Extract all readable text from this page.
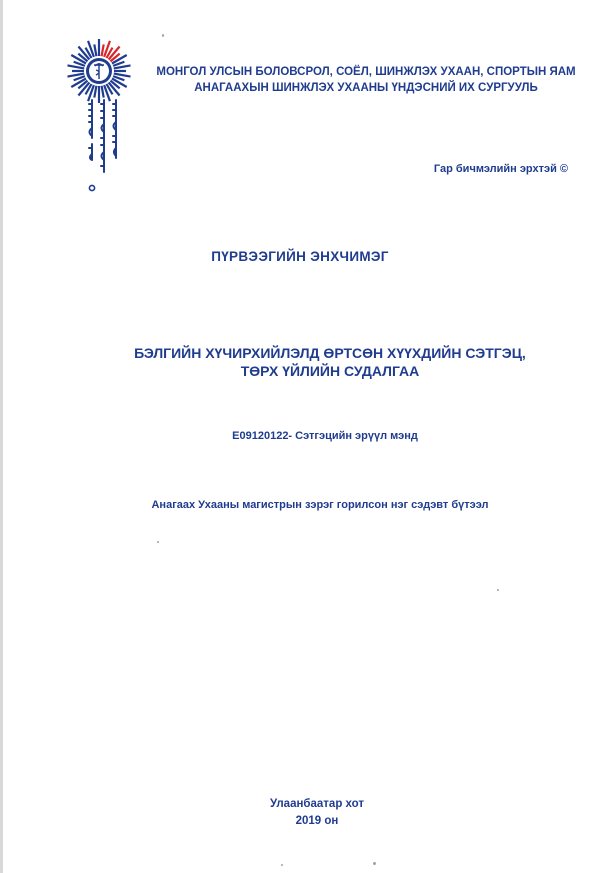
МОНГОЛ УЛСЫН БОЛОВСРОЛ, СОЁЛ, ШИНЖЛЭХ УХААН, СПОРТЫН ЯАМ
АНАГААХЫН ШИНЖЛЭХ УХААНЫ ҮНДЭСНИЙ ИХ СУРГУУЛЬ
Гар бичмэлийн эрхтэй ©
ПҮРВЭЭГИЙН ЭНХЧИМЭГ
БЭЛГИЙН ХҮЧИРХИЙЛЭЛД ӨРТСӨН ХҮҮХДИЙН СЭТГЭЦ,
ТӨРХ ҮЙЛИЙН СУДАЛГАА
E09120122- Сэтгэцийн эрүүл мэнд
Анагаах Ухааны магистрын зэрэг горилсон нэг сэдэвт бүтээл
Улаанбаатар хот
2019 он
